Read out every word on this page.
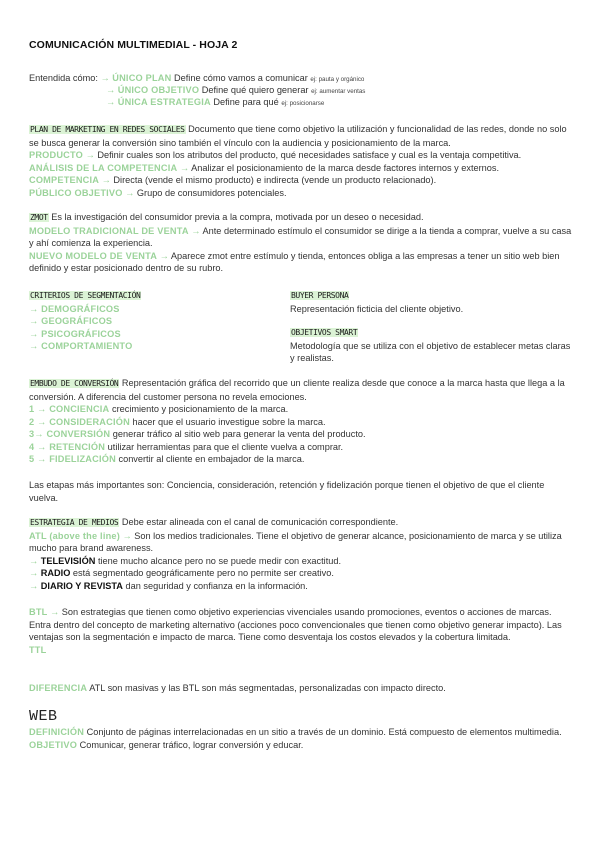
COMUNICACIÓN MULTIMEDIAL - HOJA 2
Entendida cómo: → ÚNICO PLAN Define cómo vamos a comunicar ej: pauta y orgánico
→ ÚNICO OBJETIVO Define qué quiero generar ej: aumentar ventas
→ ÚNICA ESTRATEGIA Define para qué ej: posicionarse
PLAN DE MARKETING EN REDES SOCIALES Documento que tiene como objetivo la utilización y funcionalidad de las redes, donde no solo se busca generar la conversión sino también el vínculo con la audiencia y posicionamiento de la marca.
PRODUCTO → Definir cuales son los atributos del producto, qué necesidades satisface y cual es la ventaja competitiva.
ANÁLISIS DE LA COMPETENCIA → Analizar el posicionamiento de la marca desde factores internos y externos.
COMPETENCIA → Directa (vende el mismo producto) e indirecta (vende un producto relacionado).
PÚBLICO OBJETIVO → Grupo de consumidores potenciales.
ZMOT Es la investigación del consumidor previa a la compra, motivada por un deseo o necesidad.
MODELO TRADICIONAL DE VENTA → Ante determinado estímulo el consumidor se dirige a la tienda a comprar, vuelve a su casa y ahí comienza la experiencia.
NUEVO MODELO DE VENTA → Aparece zmot entre estímulo y tienda, entonces obliga a las empresas a tener un sitio web bien definido y estar posicionado dentro de su rubro.
CRITERIOS DE SEGMENTACIÓN
→ DEMOGRÁFICOS
→ GEOGRÁFICOS
→ PSICOGRÁFICOS
→ COMPORTAMIENTO
BUYER PERSONA
Representación ficticia del cliente objetivo.
OBJETIVOS SMART
Metodología que se utiliza con el objetivo de establecer metas claras y realistas.
EMBUDO DE CONVERSIÓN Representación gráfica del recorrido que un cliente realiza desde que conoce a la marca hasta que llega a la conversión. A diferencia del customer persona no revela emociones.
1 → CONCIENCIA crecimiento y posicionamiento de la marca.
2 → CONSIDERACIÓN hacer que el usuario investigue sobre la marca.
3→ CONVERSIÓN generar tráfico al sitio web para generar la venta del producto.
4 → RETENCIÓN utilizar herramientas para que el cliente vuelva a comprar.
5 → FIDELIZACIÓN convertir al cliente en embajador de la marca.
Las etapas más importantes son: Conciencia, consideración, retención y fidelización porque tienen el objetivo de que el cliente vuelva.
ESTRATEGIA DE MEDIOS Debe estar alineada con el canal de comunicación correspondiente.
ATL (above the line) → Son los medios tradicionales. Tiene el objetivo de generar alcance, posicionamiento de marca y se utiliza mucho para brand awareness.
→ TELEVISIÓN tiene mucho alcance pero no se puede medir con exactitud.
→ RADIO está segmentado geográficamente pero no permite ser creativo.
→ DIARIO Y REVISTA dan seguridad y confianza en la información.
BTL → Son estrategias que tienen como objetivo experiencias vivenciales usando promociones, eventos o acciones de marcas. Entra dentro del concepto de marketing alternativo (acciones poco convencionales que tienen como objetivo generar impacto). Las ventajas son la segmentación e impacto de marca. Tiene como desventaja los costos elevados y la cobertura limitada.
TTL
DIFERENCIA ATL son masivas y las BTL son más segmentadas, personalizadas con impacto directo.
WEB
DEFINICIÓN Conjunto de páginas interrelacionadas en un sitio a través de un dominio. Está compuesto de elementos multimedia.
OBJETIVO Comunicar, generar tráfico, lograr conversión y educar.
